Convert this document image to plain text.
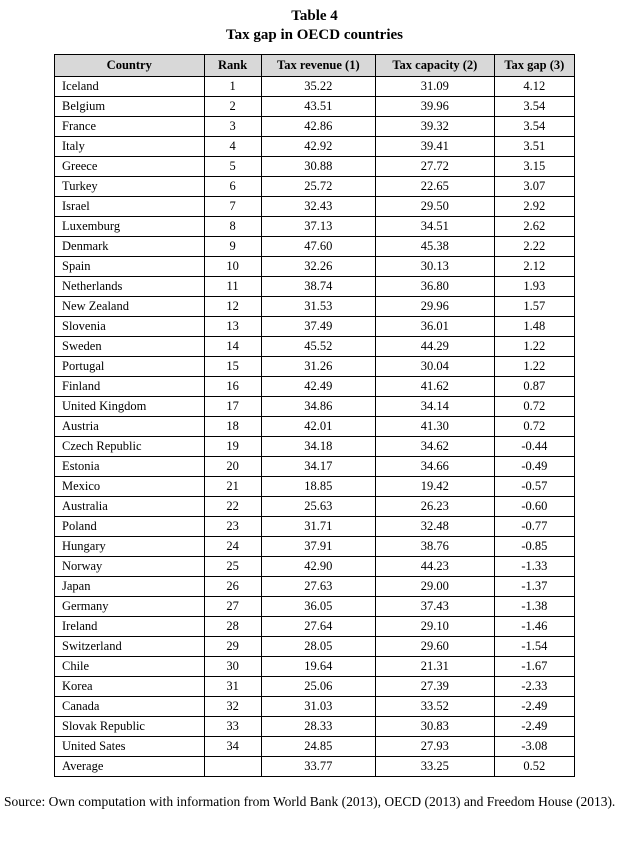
Table 4
Tax gap in OECD countries
Country	Rank	Tax revenue (1)	Tax capacity (2)	Tax gap (3)
Iceland	1	35.22	31.09	4.12
Belgium	2	43.51	39.96	3.54
France	3	42.86	39.32	3.54
Italy	4	42.92	39.41	3.51
Greece	5	30.88	27.72	3.15
Turkey	6	25.72	22.65	3.07
Israel	7	32.43	29.50	2.92
Luxemburg	8	37.13	34.51	2.62
Denmark	9	47.60	45.38	2.22
Spain	10	32.26	30.13	2.12
Netherlands	11	38.74	36.80	1.93
New Zealand	12	31.53	29.96	1.57
Slovenia	13	37.49	36.01	1.48
Sweden	14	45.52	44.29	1.22
Portugal	15	31.26	30.04	1.22
Finland	16	42.49	41.62	0.87
United Kingdom	17	34.86	34.14	0.72
Austria	18	42.01	41.30	0.72
Czech Republic	19	34.18	34.62	-0.44
Estonia	20	34.17	34.66	-0.49
Mexico	21	18.85	19.42	-0.57
Australia	22	25.63	26.23	-0.60
Poland	23	31.71	32.48	-0.77
Hungary	24	37.91	38.76	-0.85
Norway	25	42.90	44.23	-1.33
Japan	26	27.63	29.00	-1.37
Germany	27	36.05	37.43	-1.38
Ireland	28	27.64	29.10	-1.46
Switzerland	29	28.05	29.60	-1.54
Chile	30	19.64	21.31	-1.67
Korea	31	25.06	27.39	-2.33
Canada	32	31.03	33.52	-2.49
Slovak Republic	33	28.33	30.83	-2.49
United Sates	34	24.85	27.93	-3.08
Average		33.77	33.25	0.52

Source: Own computation with information from World Bank (2013), OECD (2013) and Freedom House (2013).
